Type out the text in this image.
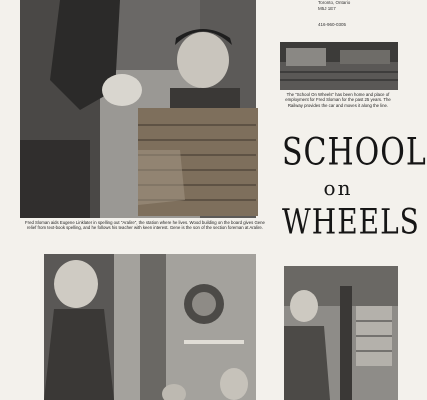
Toronto, Ontario
M5J 1E7
416-960-0305
The "School On Wheels" has been home and place of employment for Fred Sloman for the past 25 years. The Railway provides the car and moves it along the line.
Fred Sloman aids Eugene Linklater in spelling out "Aralire", the station where he lives. Wood building on the board gives Gene relief from text-book spelling, and he follows his teacher with keen interest. Gene is the son of the section foreman at Aralire.
SCHOOL
on
WHEELS
